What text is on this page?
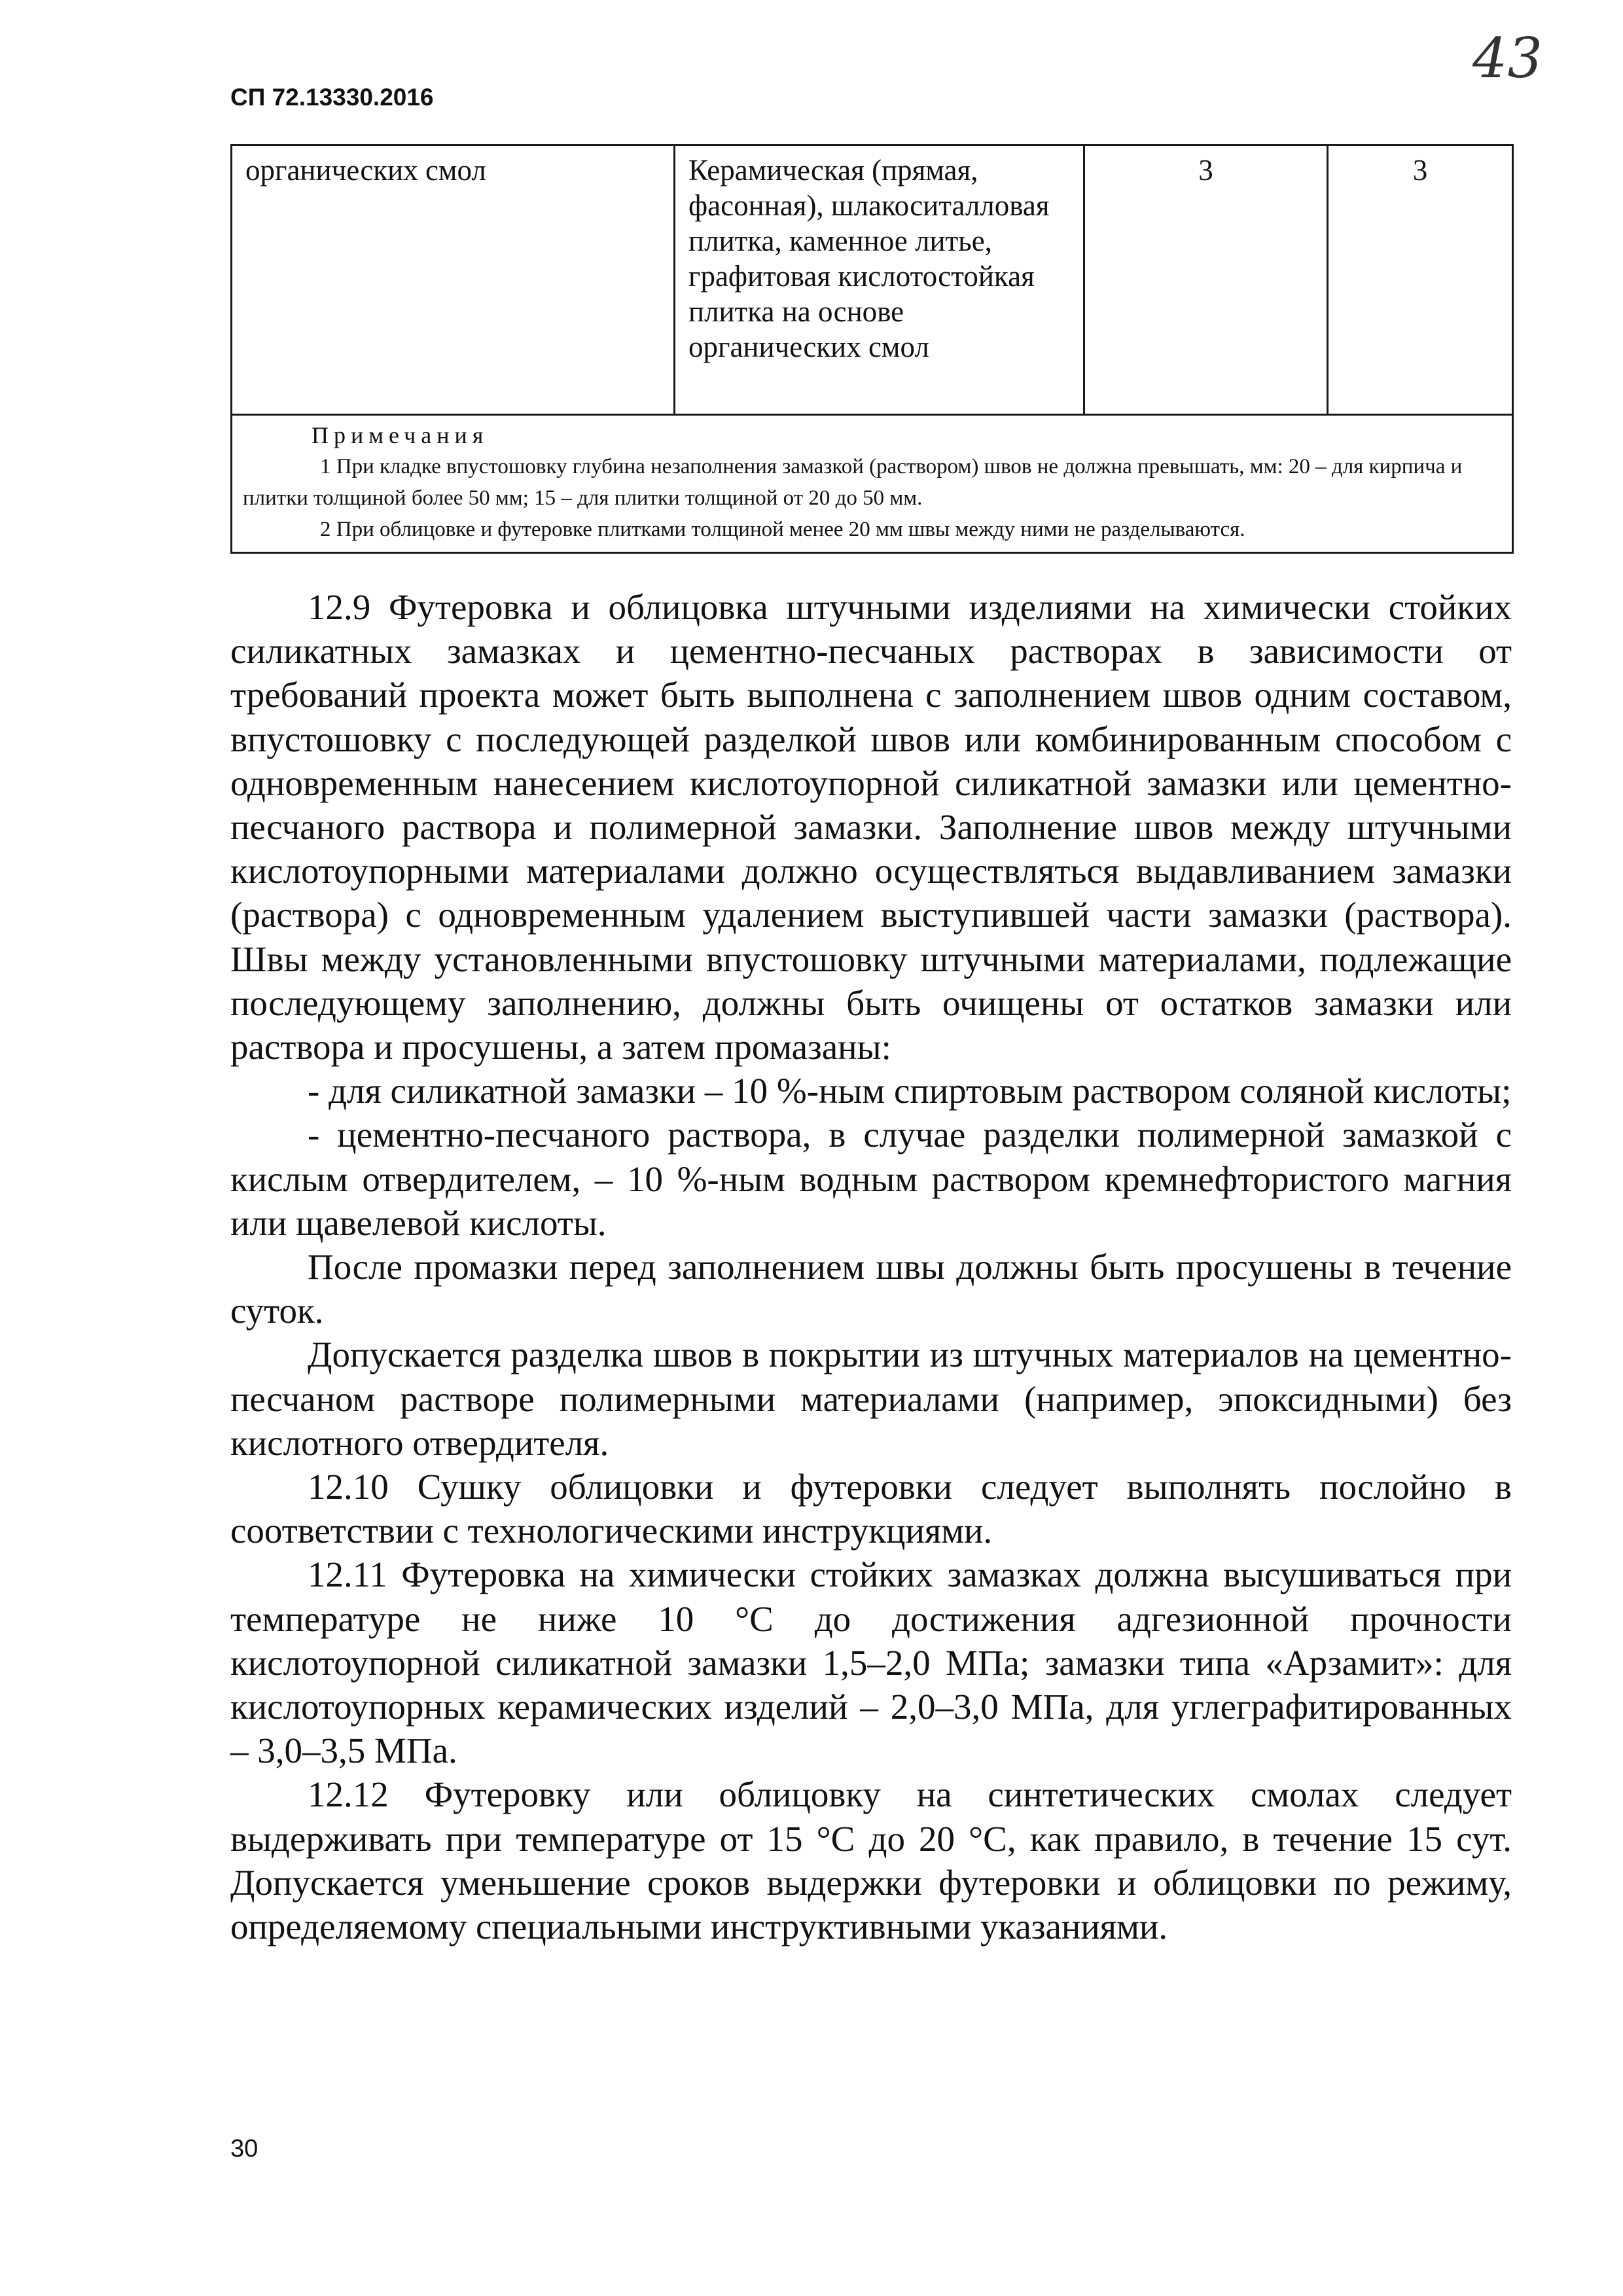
СП 72.13330.2016
43
органических смол	Керамическая (прямая, фасонная), шлакоситалловая плитка, каменное литье, графитовая кислотостойкая плитка на основе органических смол	3	3

Примечания
1 При кладке впустошовку глубина незаполнения замазкой (раствором) швов не должна превышать, мм: 20 – для кирпича и плитки толщиной более 50 мм; 15 – для плитки толщиной от 20 до 50 мм.
2 При облицовке и футеровке плитками толщиной менее 20 мм швы между ними не разделываются.

12.9 Футеровка и облицовка штучными изделиями на химически стойких силикатных замазках и цементно-песчаных растворах в зависимости от требований проекта может быть выполнена с заполнением швов одним составом, впустошовку с последующей разделкой швов или комбинированным способом с одновременным нанесением кислотоупорной силикатной замазки или цементно-песчаного раствора и полимерной замазки. Заполнение швов между штучными кислотоупорными материалами должно осуществляться выдавливанием замазки (раствора) с одновременным удалением выступившей части замазки (раствора). Швы между установленными впустошовку штучными материалами, подлежащие последующему заполнению, должны быть очищены от остатков замазки или раствора и просушены, а затем промазаны:

- для силикатной замазки – 10 %-ным спиртовым раствором соляной кислоты;

- цементно-песчаного раствора, в случае разделки полимерной замазкой с кислым отвердителем, – 10 %-ным водным раствором кремнефтористого магния или щавелевой кислоты.

После промазки перед заполнением швы должны быть просушены в течение суток.

Допускается разделка швов в покрытии из штучных материалов на цементно-песчаном растворе полимерными материалами (например, эпоксидными) без кислотного отвердителя.

12.10 Сушку облицовки и футеровки следует выполнять послойно в соответствии с технологическими инструкциями.

12.11 Футеровка на химически стойких замазках должна высушиваться при температуре не ниже 10 °С до достижения адгезионной прочности кислотоупорной силикатной замазки 1,5–2,0 МПа; замазки типа «Арзамит»: для кислотоупорных керамических изделий – 2,0–3,0 МПа, для углеграфитированных – 3,0–3,5 МПа.

12.12 Футеровку или облицовку на синтетических смолах следует выдерживать при температуре от 15 °С до 20 °С, как правило, в течение 15 сут. Допускается уменьшение сроков выдержки футеровки и облицовки по режиму, определяемому специальными инструктивными указаниями.

30
